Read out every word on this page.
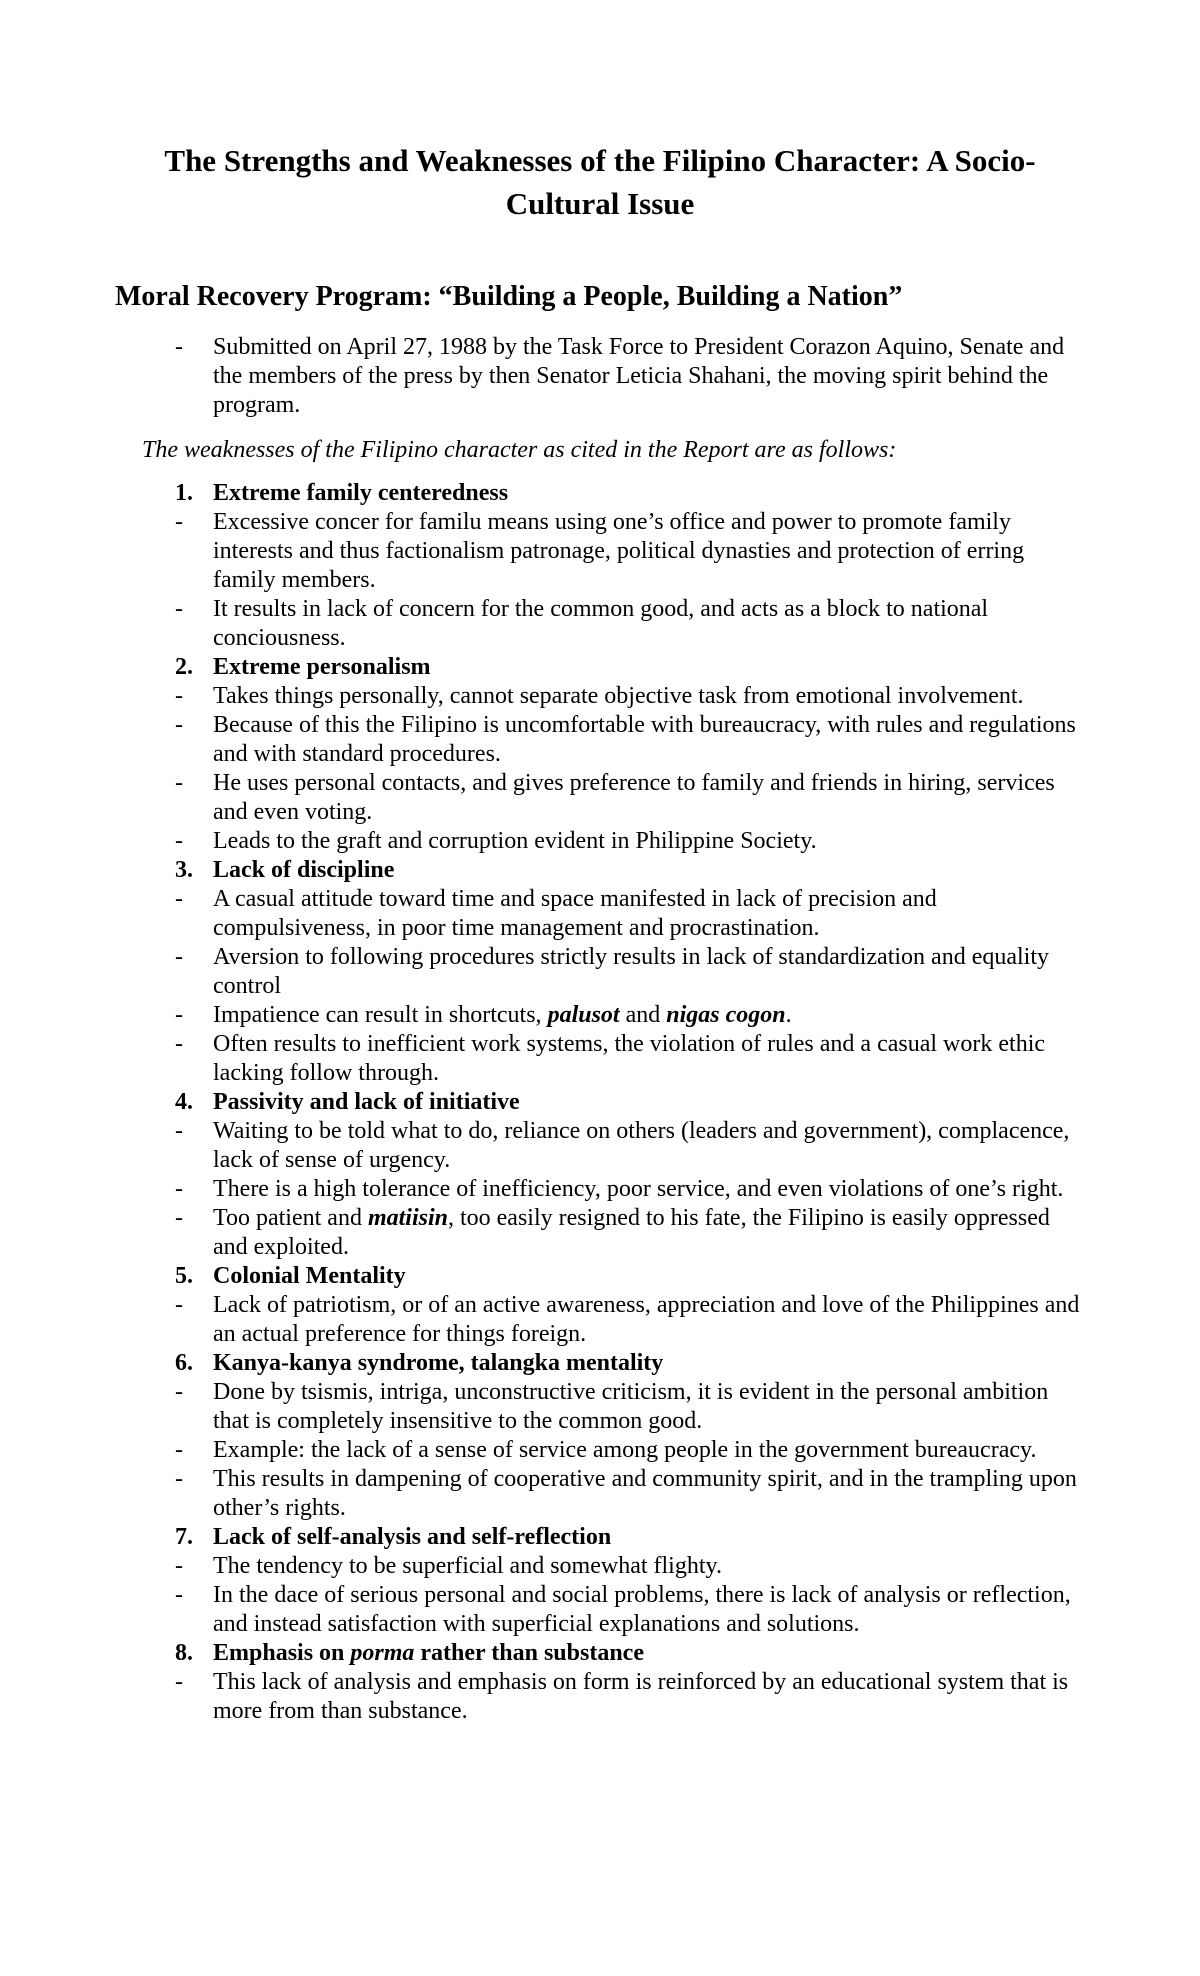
The Strengths and Weaknesses of the Filipino Character: A Socio-Cultural Issue
Moral Recovery Program: “Building a People, Building a Nation”
-	Submitted on April 27, 1988 by the Task Force to President Corazon Aquino, Senate and the members of the press by then Senator Leticia Shahani, the moving spirit behind the program.

The weaknesses of the Filipino character as cited in the Report are as follows:

1. Extreme family centeredness
-	Excessive concer for familu means using one’s office and power to promote family interests and thus factionalism patronage, political dynasties and protection of erring family members.
-	It results in lack of concern for the common good, and acts as a block to national conciousness.
2. Extreme personalism
-	Takes things personally, cannot separate objective task from emotional involvement.
-	Because of this the Filipino is uncomfortable with bureaucracy, with rules and regulations and with standard procedures.
-	He uses personal contacts, and gives preference to family and friends in hiring, services and even voting.
-	Leads to the graft and corruption evident in Philippine Society.
3. Lack of discipline
-	A casual attitude toward time and space manifested in lack of precision and compulsiveness, in poor time management and procrastination.
-	Aversion to following procedures strictly results in lack of standardization and equality control
-	Impatience can result in shortcuts, palusot and nigas cogon.
-	Often results to inefficient work systems, the violation of rules and a casual work ethic lacking follow through.
4. Passivity and lack of initiative
-	Waiting to be told what to do, reliance on others (leaders and government), complacence, lack of sense of urgency.
-	There is a high tolerance of inefficiency, poor service, and even violations of one’s right.
-	Too patient and matiisin, too easily resigned to his fate, the Filipino is easily oppressed and exploited.
5. Colonial Mentality
-	Lack of patriotism, or of an active awareness, appreciation and love of the Philippines and an actual preference for things foreign.
6. Kanya-kanya syndrome, talangka mentality
-	Done by tsismis, intriga, unconstructive criticism, it is evident in the personal ambition that is completely insensitive to the common good.
-	Example: the lack of a sense of service among people in the government bureaucracy.
-	This results in dampening of cooperative and community spirit, and in the trampling upon other’s rights.
7. Lack of self-analysis and self-reflection
-	The tendency to be superficial and somewhat flighty.
-	In the dace of serious personal and social problems, there is lack of analysis or reflection, and instead satisfaction with superficial explanations and solutions.
8. Emphasis on porma rather than substance
-	This lack of analysis and emphasis on form is reinforced by an educational system that is more from than substance.
